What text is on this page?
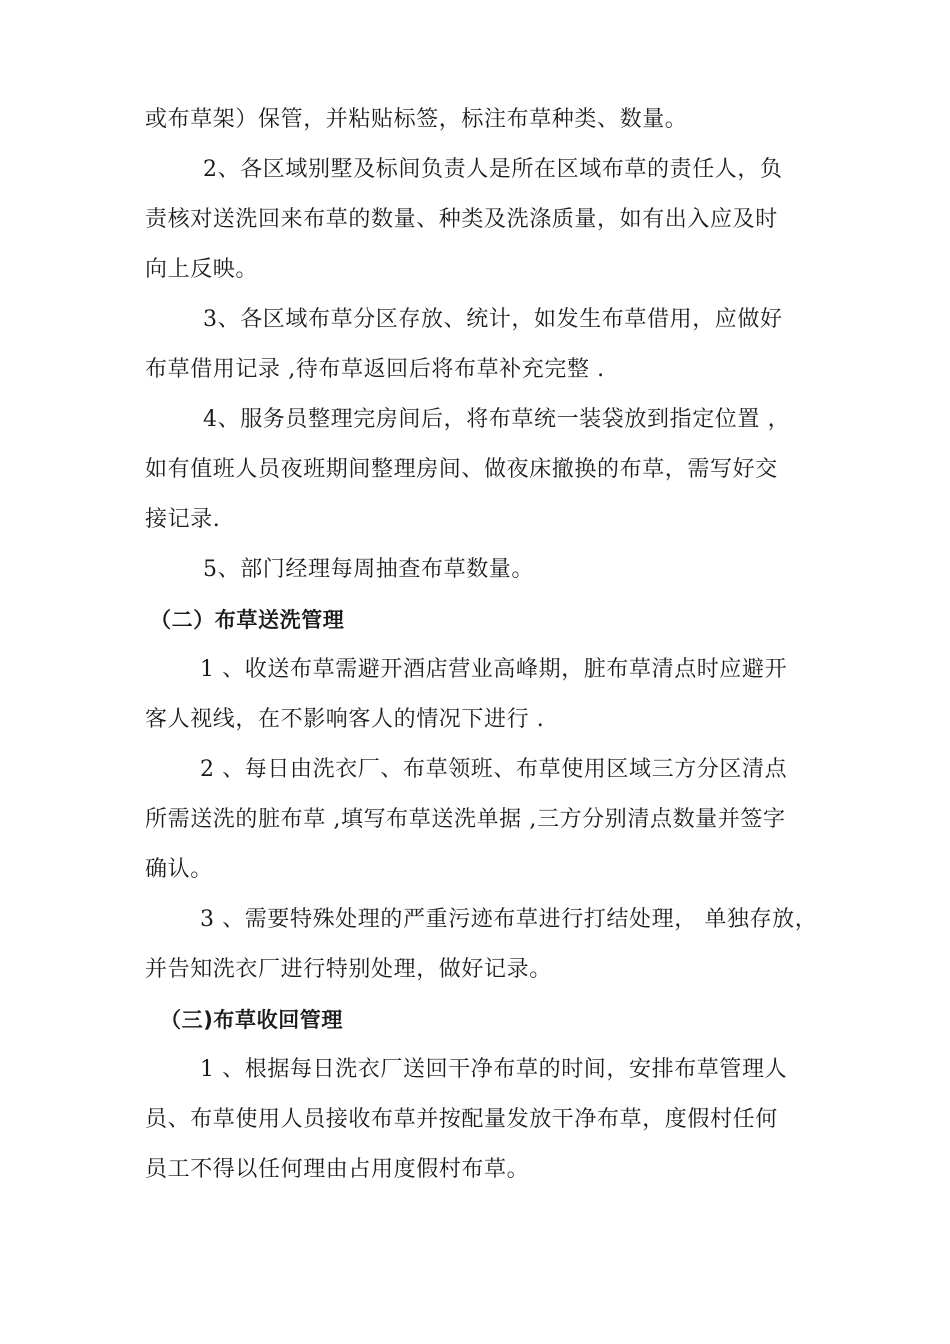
或布草架）保管，并粘贴标签，标注布草种类、数量。
2、各区域别墅及标间负责人是所在区域布草的责任人，负
责核对送洗回来布草的数量、种类及洗涤质量，如有出入应及时
向上反映。
3、各区域布草分区存放、统计，如发生布草借用，应做好
布草借用记录 ,待布草返回后将布草补充完整 .
4、服务员整理完房间后，将布草统一装袋放到指定位置 ，
如有值班人员夜班期间整理房间、做夜床撤换的布草，需写好交
接记录.
5、部门经理每周抽查布草数量。
（二）布草送洗管理
1 、收送布草需避开酒店营业高峰期，脏布草清点时应避开
客人视线，在不影响客人的情况下进行 .
2 、每日由洗衣厂、布草领班、布草使用区域三方分区清点
所需送洗的脏布草 ,填写布草送洗单据 ,三方分别清点数量并签字
确认。
3 、需要特殊处理的严重污迹布草进行打结处理， 单独存放，
并告知洗衣厂进行特别处理，做好记录。
（三)布草收回管理
1 、根据每日洗衣厂送回干净布草的时间，安排布草管理人
员、布草使用人员接收布草并按配量发放干净布草，度假村任何
员工不得以任何理由占用度假村布草。
